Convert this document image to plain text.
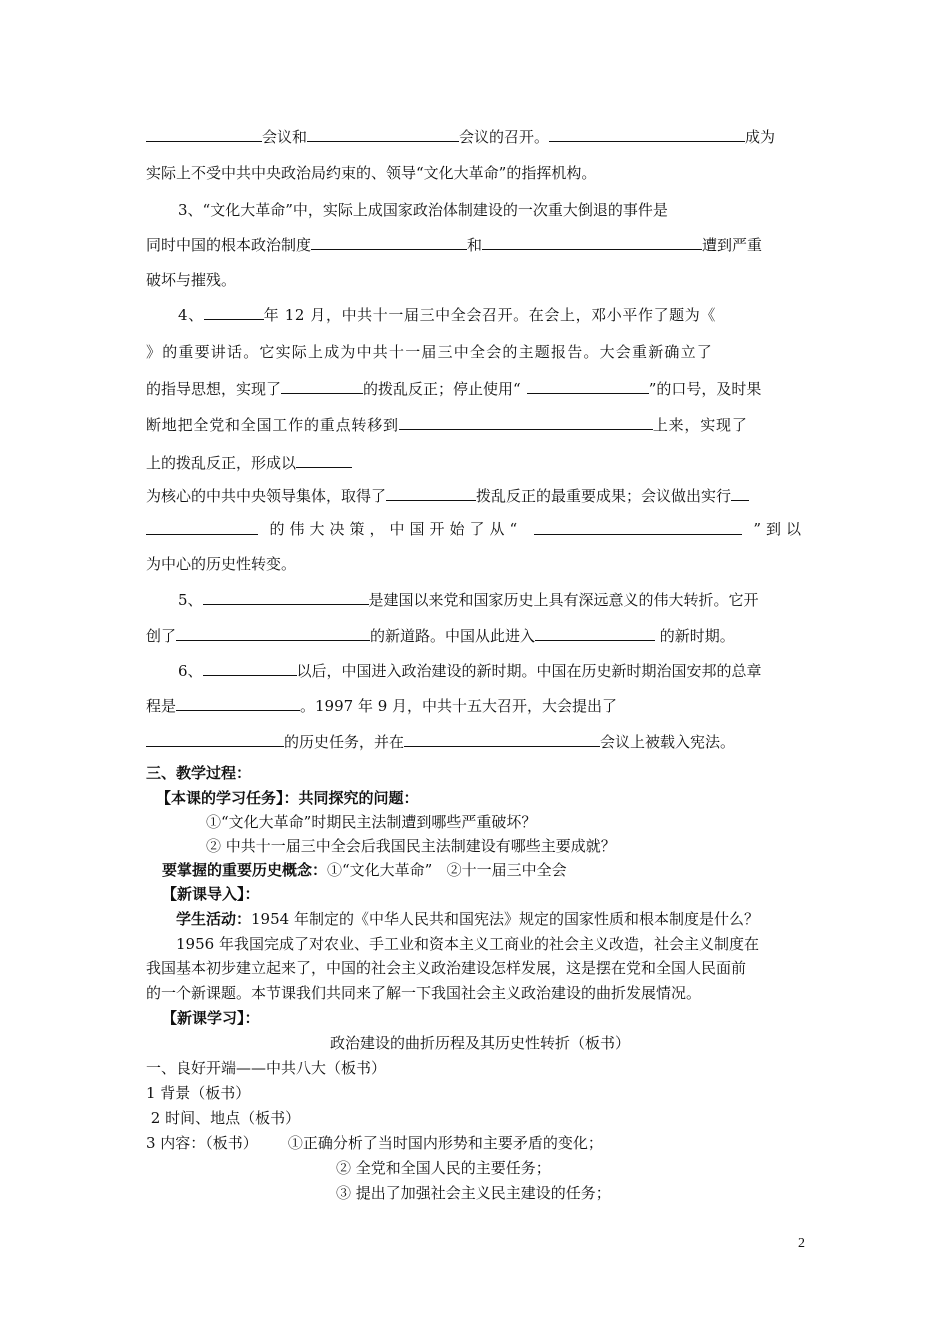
会议和	会议的召开。	成为
实际上不受中共中央政治局约束的、领导“文化大革命”的指挥机构。
3、“文化大革命”中，实际上成国家政治体制建设的一次重大倒退的事件是
同时中国的根本政治制度	和	遭到严重
破坏与摧残。
4、	年 12 月，中共十一届三中全会召开。在会上，邓小平作了题为《
》的重要讲话。它实际上成为中共十一届三中全会的主题报告。大会重新确立了
的指导思想，实现了	的拨乱反正；停止使用“	”的口号，及时果
断地把全党和全国工作的重点转移到	上来，实现了
上的拨乱反正，形成以
为核心的中共中央领导集体，取得了	拨乱反正的最重要成果；会议做出实行
的伟大决策，中国开始了从“	”到以
为中心的历史性转变。
5、	是建国以来党和国家历史上具有深远意义的伟大转折。它开
创了	的新道路。中国从此进入	的新时期。
6、	以后，中国进入政治建设的新时期。中国在历史新时期治国安邦的总章
程是	。1997 年 9 月，中共十五大召开，大会提出了
的历史任务，并在	会议上被载入宪法。
三、教学过程：
【本课的学习任务】：共同探究的问题：
①“文化大革命”时期民主法制遭到哪些严重破坏？
② 中共十一届三中全会后我国民主法制建设有哪些主要成就？
要掌握的重要历史概念：①“文化大革命”   ②十一届三中全会
【新课导入】：
学生活动：1954 年制定的《中华人民共和国宪法》规定的国家性质和根本制度是什么？
1956 年我国完成了对农业、手工业和资本主义工商业的社会主义改造，社会主义制度在
我国基本初步建立起来了，中国的社会主义政治建设怎样发展，这是摆在党和全国人民面前
的一个新课题。本节课我们共同来了解一下我国社会主义政治建设的曲折发展情况。
【新课学习】：
政治建设的曲折历程及其历史性转折（板书）
一、良好开端——中共八大（板书）
1 背景（板书）
2 时间、地点（板书）
3 内容：（板书） ①正确分析了当时国内形势和主要矛盾的变化；
② 全党和全国人民的主要任务；
③ 提出了加强社会主义民主建设的任务；
2
